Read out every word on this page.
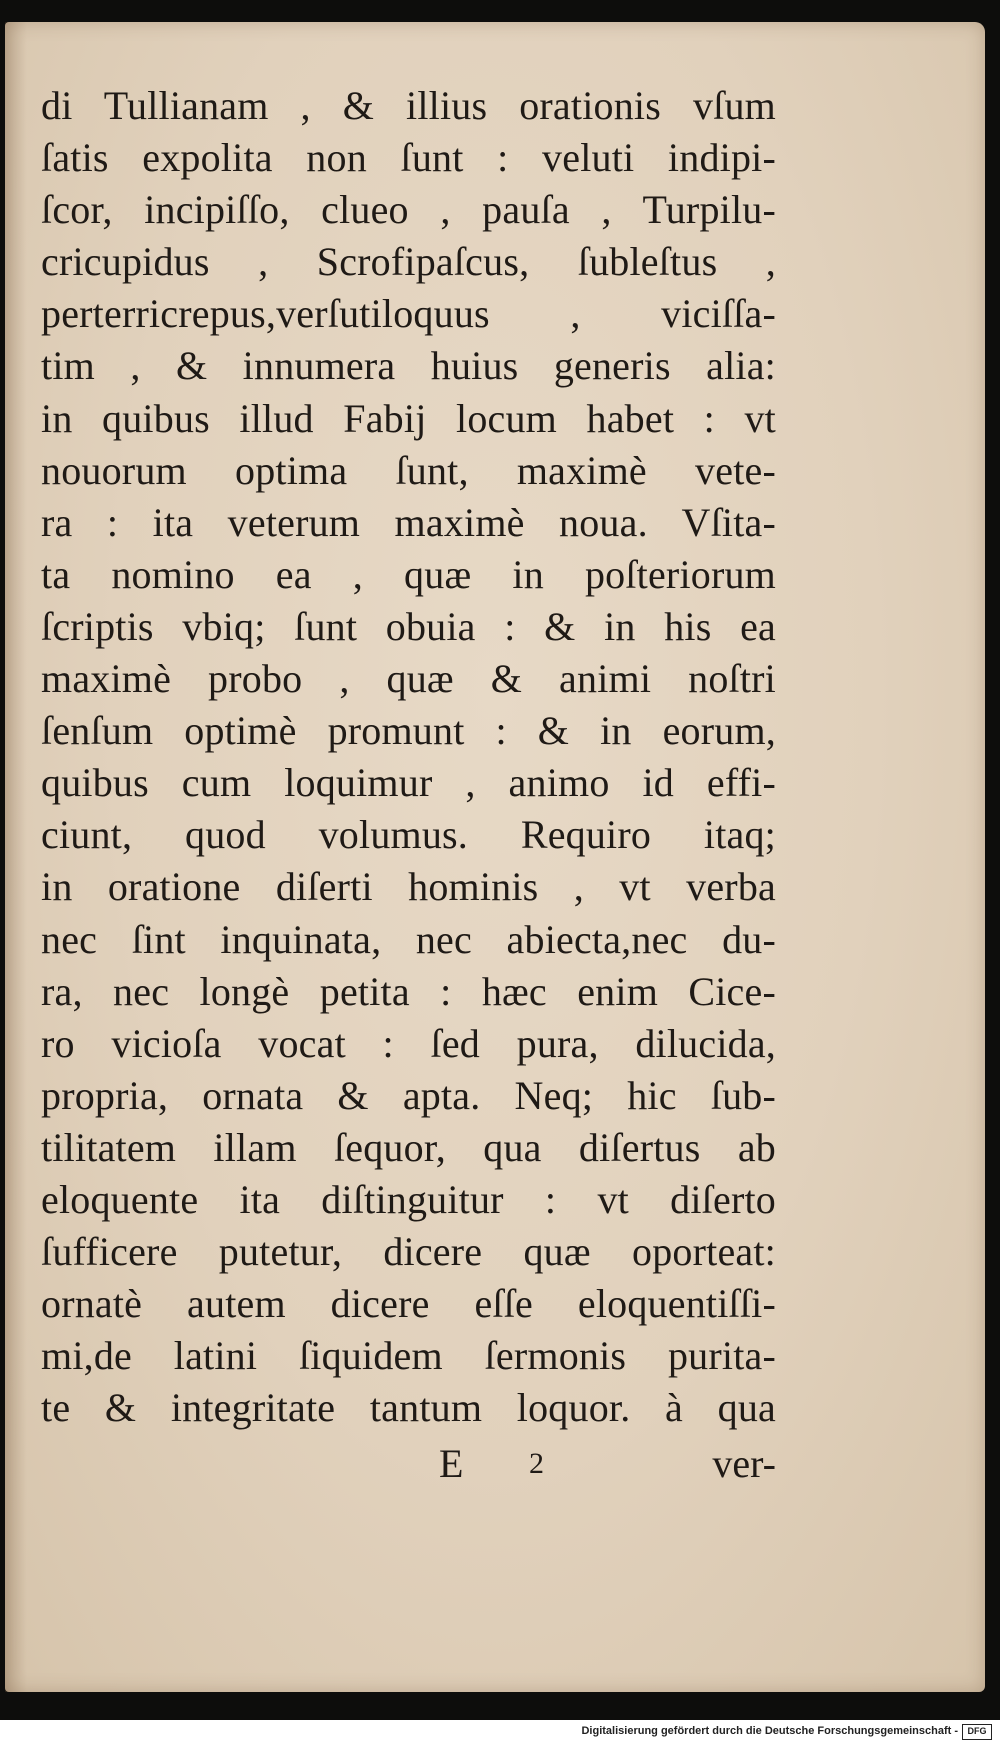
di Tullianam , & illius orationis vſum
ſatis expolita non ſunt : veluti indipi-
ſcor, incipiſſo, clueo , pauſa , Turpilu-
cricupidus , Scrofipaſcus, ſubleſtus ,
perterricrepus,verſutiloquus , viciſſa-
tim , & innumera huius generis alia:
in quibus illud Fabij locum habet : vt
nouorum optima ſunt, maximè vete-
ra : ita veterum maximè noua. Vſita-
ta nomino ea , quæ in poſteriorum
ſcriptis vbiq; ſunt obuia : & in his ea
maximè probo , quæ & animi noſtri
ſenſum optimè promunt : & in eorum,
quibus cum loquimur , animo id effi-
ciunt, quod volumus. Requiro itaq;
in oratione diſerti hominis , vt verba
nec ſint inquinata, nec abiecta,nec du-
ra, nec longè petita : hæc enim Cice-
ro vicioſa vocat : ſed pura, dilucida,
propria, ornata & apta. Neq; hic ſub-
tilitatem illam ſequor, qua diſertus ab
eloquente ita diſtinguitur : vt diſerto
ſufficere putetur, dicere quæ oporteat:
ornatè autem dicere eſſe eloquentiſſi-
mi,de latini ſiquidem ſermonis purita-
te & integritate tantum loquor. à qua
E 2	ver-
Digitalisierung gefördert durch die Deutsche Forschungsgemeinschaft -	DFG
